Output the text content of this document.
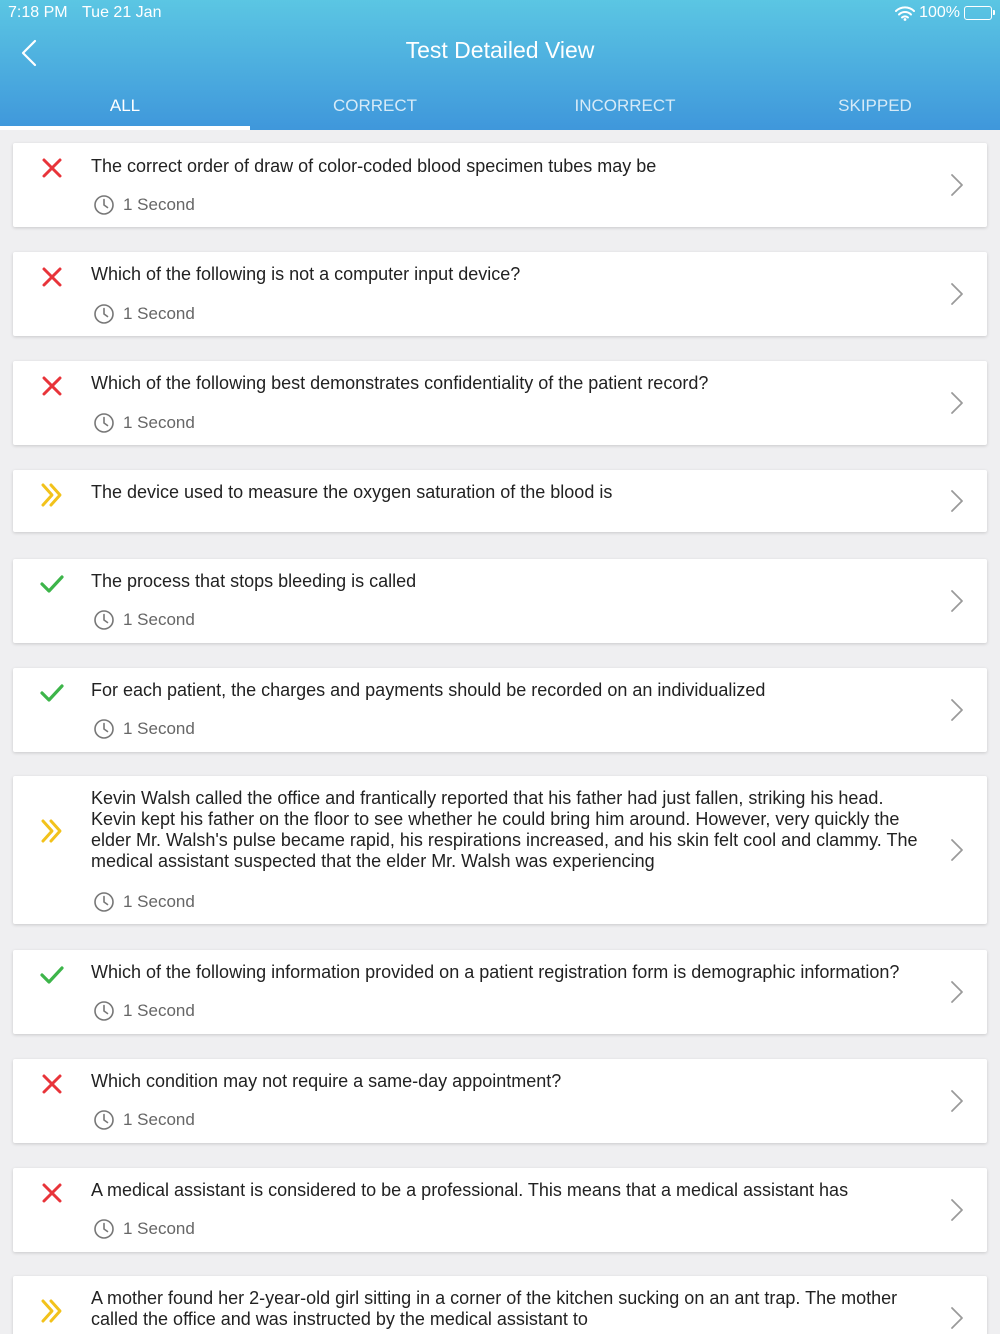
7:18 PM Tue 21 Jan	100%
Test Detailed View
ALL	CORRECT	INCORRECT	SKIPPED
The correct order of draw of color-coded blood specimen tubes may be
1 Second
Which of the following is not a computer input device?
1 Second
Which of the following best demonstrates confidentiality of the patient record?
1 Second
The device used to measure the oxygen saturation of the blood is
The process that stops bleeding is called
1 Second
For each patient, the charges and payments should be recorded on an individualized
1 Second
Kevin Walsh called the office and frantically reported that his father had just fallen, striking his head. Kevin kept his father on the floor to see whether he could bring him around. However, very quickly the elder Mr. Walsh's pulse became rapid, his respirations increased, and his skin felt cool and clammy. The medical assistant suspected that the elder Mr. Walsh was experiencing
1 Second
Which of the following information provided on a patient registration form is demographic information?
1 Second
Which condition may not require a same-day appointment?
1 Second
A medical assistant is considered to be a professional. This means that a medical assistant has
1 Second
A mother found her 2-year-old girl sitting in a corner of the kitchen sucking on an ant trap. The mother called the office and was instructed by the medical assistant to
